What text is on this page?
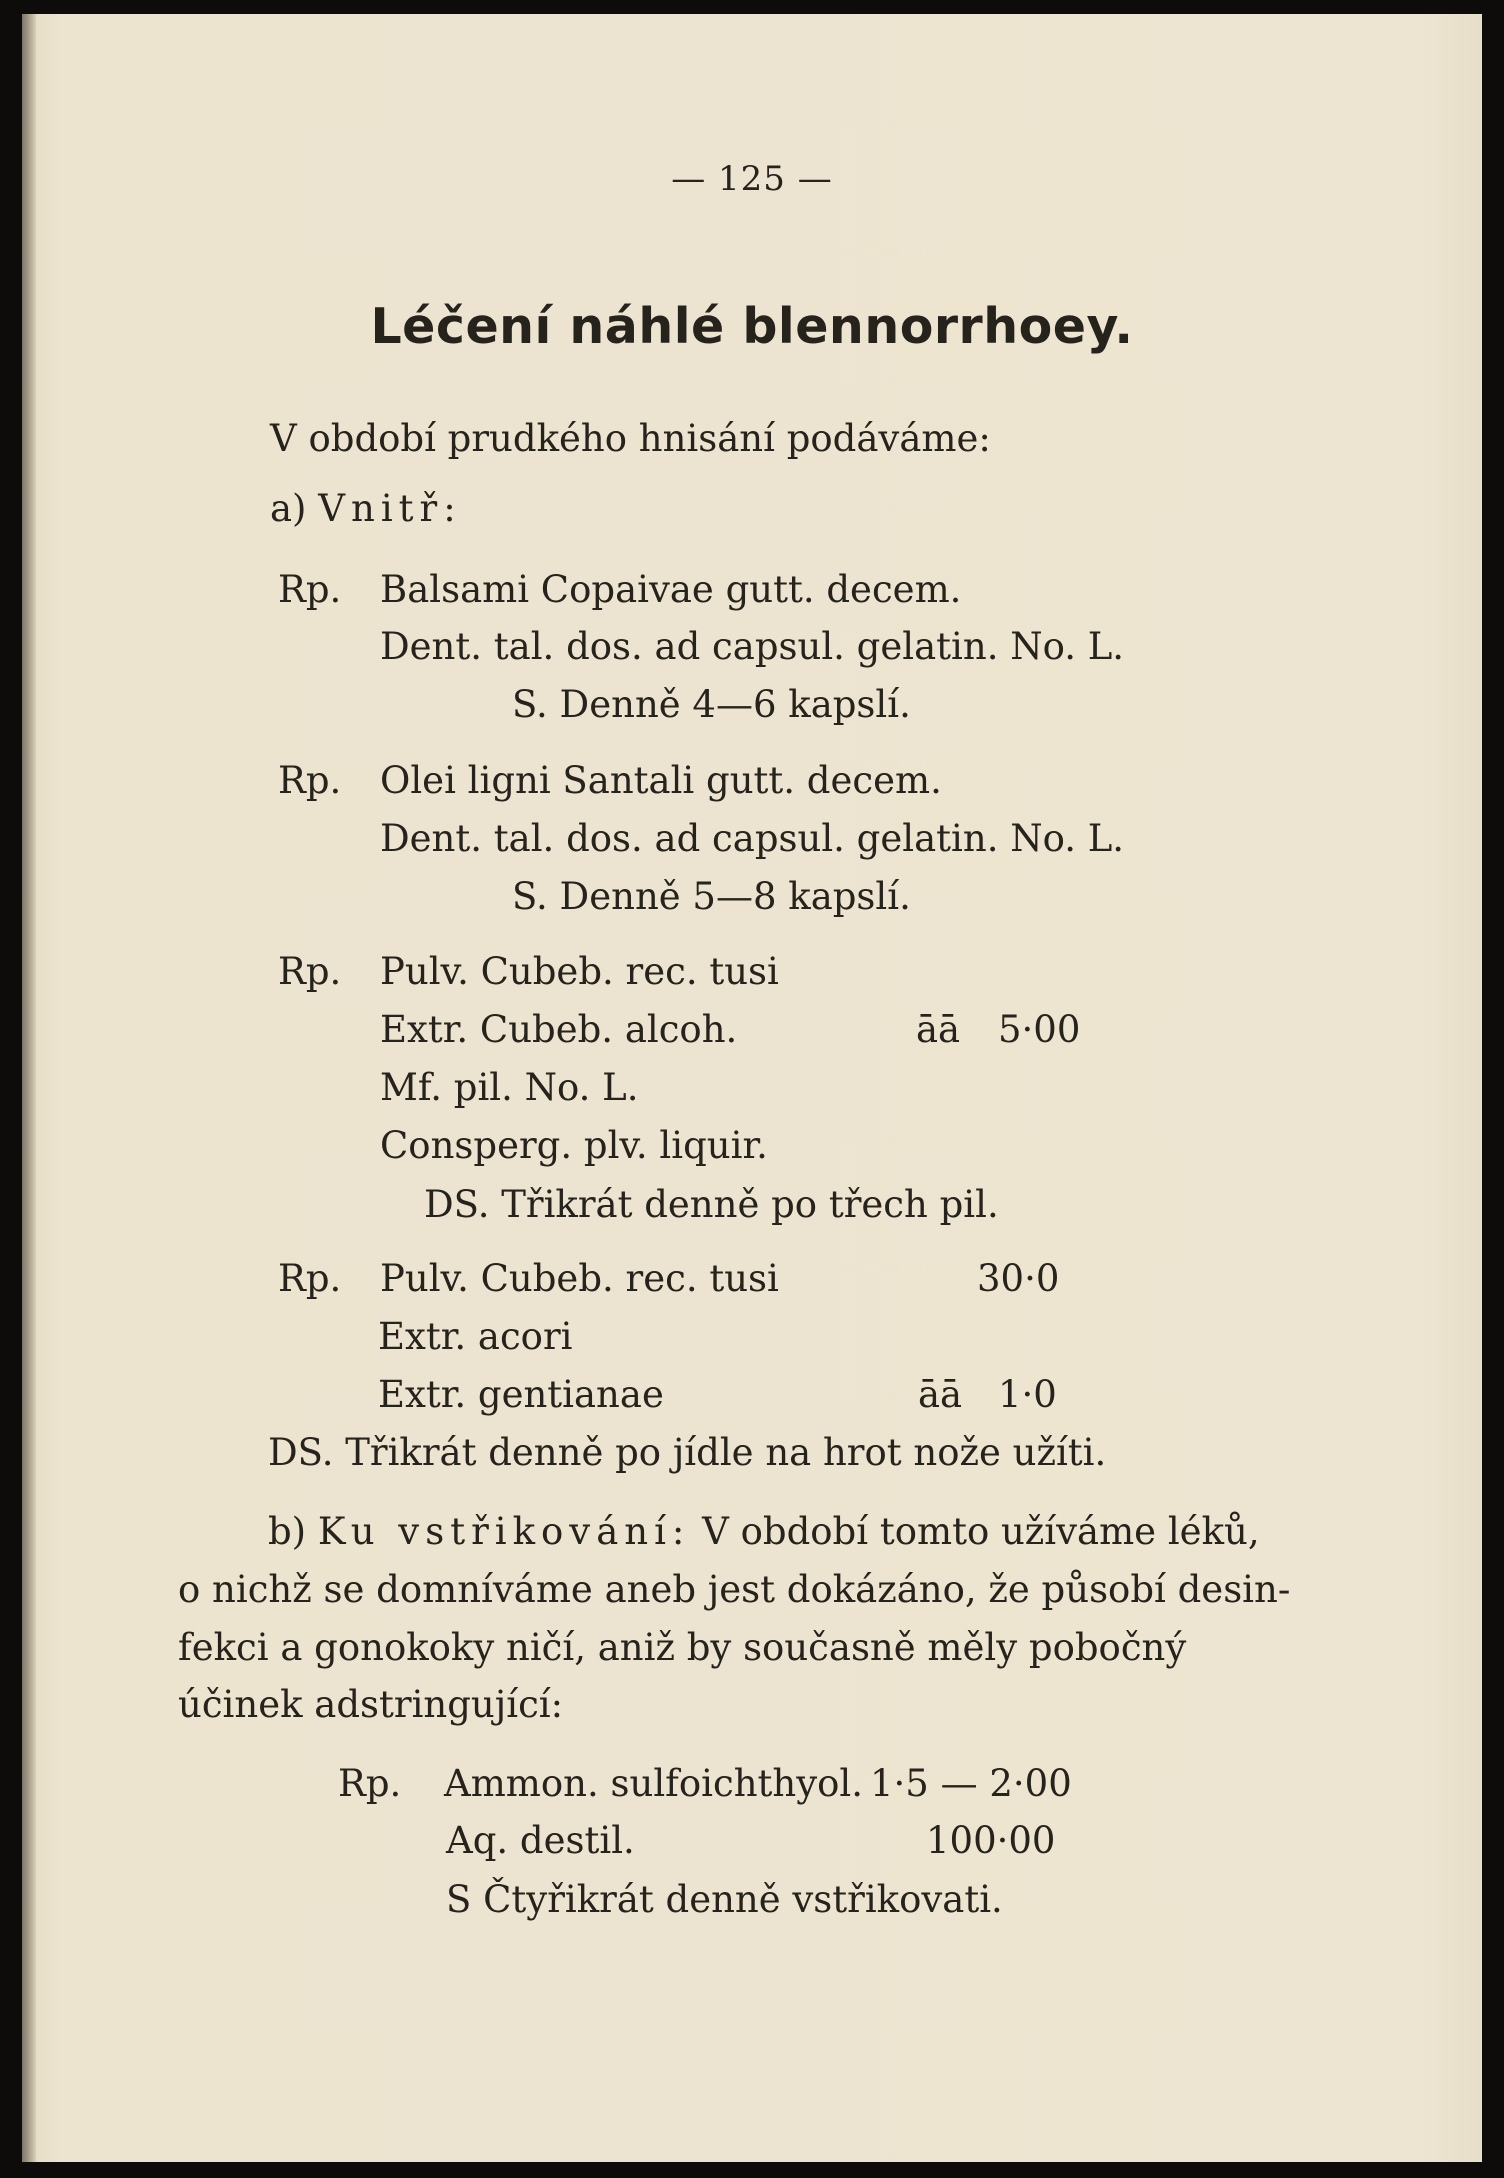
— 125 —
Léčení náhlé blennorrhoey.
V období prudkého hnisání podáváme:
a) Vnitř:
Rp. Balsami Copaivae gutt. decem.
Dent. tal. dos. ad capsul. gelatin. No. L.
S. Denně 4—6 kapslí.
Rp. Olei ligni Santali gutt. decem.
Dent. tal. dos. ad capsul. gelatin. No. L.
S. Denně 5—8 kapslí.
Rp. Pulv. Cubeb. rec. tusi
Extr. Cubeb. alcoh.	āā 5·00
Mf. pil. No. L.
Consperg. plv. liquir.
DS. Třikrát denně po třech pil.
Rp. Pulv. Cubeb. rec. tusi	30·0
Extr. acori
Extr. gentianae	āā 1·0
DS. Třikrát denně po jídle na hrot nože užíti.
b) Ku vstřikování: V období tomto užíváme léků,
o nichž se domníváme aneb jest dokázáno, že působí desin-
fekci a gonokoky ničí, aniž by současně měly pobočný
účinek adstringující:
Rp. Ammon. sulfoichthyol. 1·5 — 2·00
Aq. destil.	100·00
S Čtyřikrát denně vstřikovati.
